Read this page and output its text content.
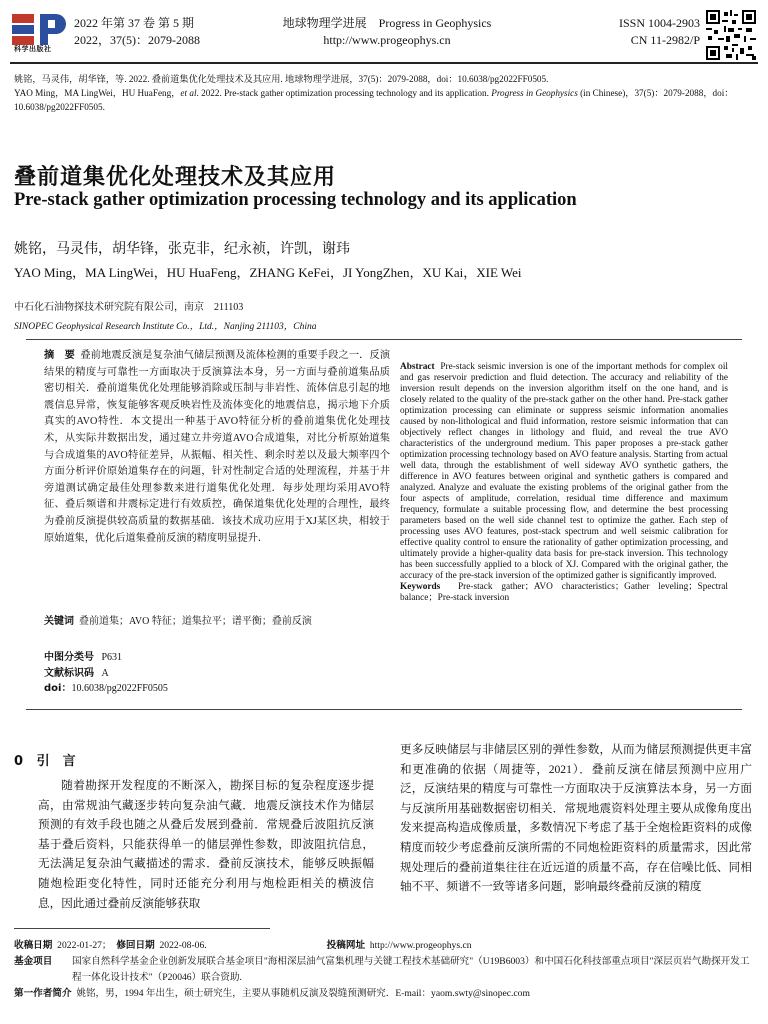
科学出版社
2022 年第 37 卷 第 5 期
2022，37(5)：2079-2088
地球物理学进展　Progress in Geophysics
http://www.progeophys.cn
ISSN 1004-2903
CN 11-2982/P
姚铭，马灵伟，胡华锋，等. 2022. 叠前道集优化处理技术及其应用. 地球物理学进展，37(5)：2079-2088，doi：10.6038/pg2022FF0505.
YAO Ming，MA LingWei，HU HuaFeng，et al. 2022. Pre-stack gather optimization processing technology and its application. Progress in Geophysics (in Chinese)，37(5)：2079-2088，doi：10.6038/pg2022FF0505.
叠前道集优化处理技术及其应用
Pre-stack gather optimization processing technology and its application
姚铭，马灵伟，胡华锋，张克非，纪永祯，许凯，谢玮
YAO Ming，MA LingWei，HU HuaFeng，ZHANG KeFei，JI YongZhen，XU Kai，XIE Wei
中石化石油物探技术研究院有限公司，南京　211103
SINOPEC Geophysical Research Institute Co.，Ltd.，Nanjing 211103，China
摘　要 叠前地震反演是复杂油气储层预测及流体检测的重要手段之一．反演结果的精度与可靠性一方面取决于反演算法本身，另一方面与叠前道集品质密切相关．叠前道集优化处理能够消除或压制与非岩性、流体信息引起的地震信息异常，恢复能够客观反映岩性及流体变化的地震信息，揭示地下介质真实的AVO特性．本文提出一种基于AVO特征分析的叠前道集优化处理技术，从实际井数据出发，通过建立井旁道AVO合成道集，对比分析原始道集与合成道集的AVO特征差异，从振幅、相关性、剩余时差以及最大频率四个方面分析评价原始道集存在的问题，针对性制定合适的处理流程，并基于井旁道测试确定最佳处理参数来进行道集优化处理．每步处理均采用AVO特征、叠后频谱和井震标定进行有效质控，确保道集优化处理的合理性，最终为叠前反演提供较高质量的数据基础．该技术成功应用于XJ某区块，相较于原始道集，优化后道集叠前反演的精度明显提升．
关键词 叠前道集；AVO 特征；道集拉平；谱平衡；叠前反演
中图分类号 P631
文献标识码 A
doi：10.6038/pg2022FF0505
Abstract Pre-stack seismic inversion is one of the important methods for complex oil and gas reservoir prediction and fluid detection. The accuracy and reliability of the inversion result depends on the inversion algorithm itself on the one hand, and is closely related to the quality of the pre-stack gather on the other hand. Pre-stack gather optimization processing can eliminate or suppress seismic information anomalies caused by non-lithological and fluid information, restore seismic information that can objectively reflect changes in lithology and fluid, and reveal the true AVO characteristics of the underground medium. This paper proposes a pre-stack gather optimization processing technology based on AVO feature analysis. Starting from actual well data, through the establishment of well sideway AVO synthetic gathers, the difference in AVO features between original and synthetic gathers is compared and analyzed. Analyze and evaluate the existing problems of the original gather from the four aspects of amplitude, correlation, residual time difference and maximum frequency, formulate a suitable processing flow, and determine the best processing parameters based on the well side channel test to optimize the gather. Each step of processing uses AVO features, post-stack spectrum and well seismic calibration for effective quality control to ensure the rationality of gather optimization processing, and ultimately provide a higher-quality data basis for pre-stack inversion. This technology has been successfully applied to a block of XJ. Compared with the original gather, the accuracy of the pre-stack inversion of the optimized gather is significantly improved.
Keywords Pre-stack gather；AVO characteristics；Gather leveling；Spectral balance；Pre-stack inversion
0 引　言
随着勘探开发程度的不断深入，勘探目标的复杂程度逐步提高，由常规油气藏逐步转向复杂油气藏．地震反演技术作为储层预测的有效手段也随之从叠后发展到叠前．常规叠后波阻抗反演基于叠后资料，只能获得单一的储层弹性参数，即波阻抗信息，无法满足复杂油气藏描述的需求．叠前反演技术，能够反映振幅随炮检距变化特性，同时还能充分利用与炮检距相关的横波信息，因此通过叠前反演能够获取
更多反映储层与非储层区别的弹性参数，从而为储层预测提供更丰富和更准确的依据（周捷等，2021）．叠前反演在储层预测中应用广泛，反演结果的精度与可靠性一方面取决于反演算法本身，另一方面与反演所用基础数据密切相关．常规地震资料处理主要从成像角度出发来提高构造成像质量，多数情况下考虑了基于全炮检距资料的成像精度而较少考虑叠前反演所需的不同炮检距资料的质量需求，因此常规处理后的叠前道集往往在近远道的质量不高，存在信噪比低、同相轴不平、频谱不一致等诸多问题，影响最终叠前反演的精度
收稿日期 2022-01-27； 修回日期 2022-08-06.	投稿网址 http://www.progeophys.cn
基金项目	国家自然科学基金企业创新发展联合基金项目"海相深层油气富集机理与关键工程技术基础研究"（U19B6003）和中国石化科技部重点项目"深层页岩气勘探开发工程一体化设计技术"（P20046）联合资助.
第一作者简介 姚铭，男，1994 年出生，硕士研究生，主要从事随机反演及裂缝预测研究．E-mail：yaom.swty@sinopec.com
